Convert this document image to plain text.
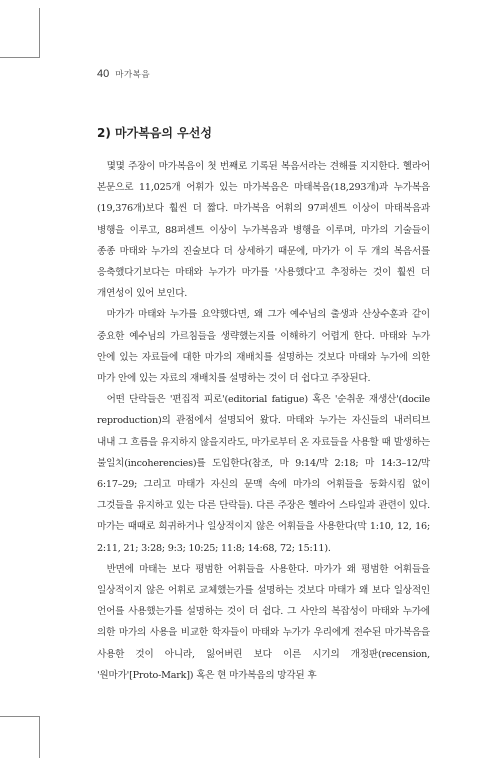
40 마가복음
2) 마가복음의 우선성

몇몇 주장이 마가복음이 첫 번째로 기록된 복음서라는 견해를 지지한다. 헬라어 본문으로 11,025개 어휘가 있는 마가복음은 마태복음(18,293개)과 누가복음(19,376개)보다 훨씬 더 짧다. 마가복음 어휘의 97퍼센트 이상이 마태복음과 병행을 이루고, 88퍼센트 이상이 누가복음과 병행을 이루며, 마가의 기술들이 종종 마태와 누가의 진술보다 더 상세하기 때문에, 마가가 이 두 개의 복음서를 응축했다기보다는 마태와 누가가 마가를 '사용했다'고 추정하는 것이 훨씬 더 개연성이 있어 보인다.

마가가 마태와 누가를 요약했다면, 왜 그가 예수님의 출생과 산상수훈과 같이 중요한 예수님의 가르침들을 생략했는지를 이해하기 어렵게 한다. 마태와 누가 안에 있는 자료들에 대한 마가의 재배치를 설명하는 것보다 마태와 누가에 의한 마가 안에 있는 자료의 재배치를 설명하는 것이 더 쉽다고 주장된다.

어떤 단락들은 '편집적 피로'(editorial fatigue) 혹은 '순취운 재생산'(docile reproduction)의 관점에서 설명되어 왔다. 마태와 누가는 자신들의 내러티브 내내 그 흐름을 유지하지 않을지라도, 마가로부터 온 자료들을 사용할 때 발생하는 불일치(incoherencies)를 도입한다(참조, 마 9:14/막 2:18; 마 14:3–12/막 6:17–29; 그리고 마태가 자신의 문맥 속에 마가의 어휘들을 동화시킴 없이 그것들을 유지하고 있는 다른 단락들). 다른 주장은 헬라어 스타일과 관련이 있다. 마가는 때때로 희귀하거나 일상적이지 않은 어휘들을 사용한다(막 1:10, 12, 16; 2:11, 21; 3:28; 9:3; 10:25; 11:8; 14:68, 72; 15:11).

반면에 마태는 보다 평범한 어휘들을 사용한다. 마가가 왜 평범한 어휘들을 일상적이지 않은 어휘로 교체했는가를 설명하는 것보다 마태가 왜 보다 일상적인 언어를 사용했는가를 설명하는 것이 더 쉽다. 그 사안의 복잡성이 마태와 누가에 의한 마가의 사용을 비교한 학자들이 마태와 누가가 우리에게 전수된 마가복음을 사용한 것이 아니라, 잃어버린 보다 이른 시기의 개정판(recension, '원마가'[Proto-Mark]) 혹은 현 마가복음의 망각된 후
